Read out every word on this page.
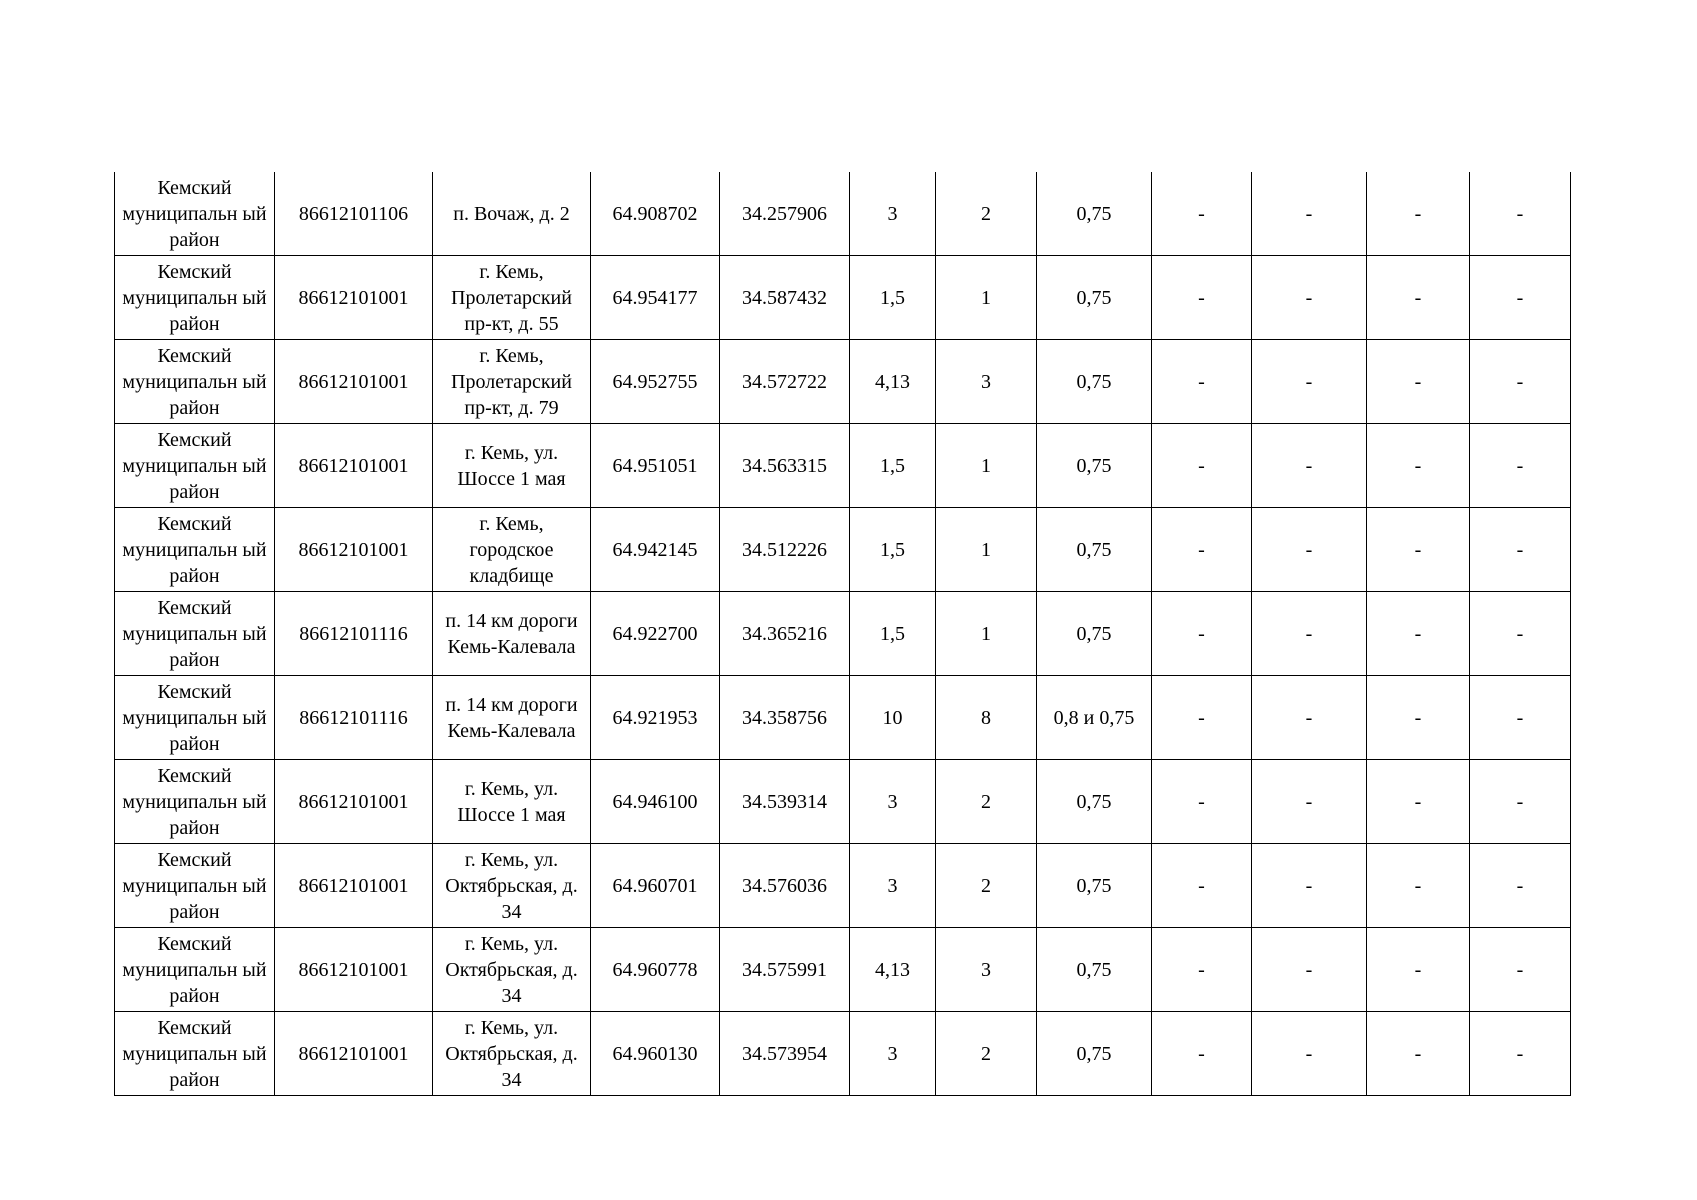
Кемский муниципальн ый район	86612101106	п. Вочаж, д. 2	64.908702	34.257906	3	2	0,75	-	-	-	-
Кемский муниципальн ый район	86612101001	г. Кемь, Пролетарский пр-кт, д. 55	64.954177	34.587432	1,5	1	0,75	-	-	-	-
Кемский муниципальн ый район	86612101001	г. Кемь, Пролетарский пр-кт, д. 79	64.952755	34.572722	4,13	3	0,75	-	-	-	-
Кемский муниципальн ый район	86612101001	г. Кемь, ул. Шоссе 1 мая	64.951051	34.563315	1,5	1	0,75	-	-	-	-
Кемский муниципальн ый район	86612101001	г. Кемь, городское кладбище	64.942145	34.512226	1,5	1	0,75	-	-	-	-
Кемский муниципальн ый район	86612101116	п. 14 км дороги Кемь-Калевала	64.922700	34.365216	1,5	1	0,75	-	-	-	-
Кемский муниципальн ый район	86612101116	п. 14 км дороги Кемь-Калевала	64.921953	34.358756	10	8	0,8 и 0,75	-	-	-	-
Кемский муниципальн ый район	86612101001	г. Кемь, ул. Шоссе 1 мая	64.946100	34.539314	3	2	0,75	-	-	-	-
Кемский муниципальн ый район	86612101001	г. Кемь, ул. Октябрьская, д. 34	64.960701	34.576036	3	2	0,75	-	-	-	-
Кемский муниципальн ый район	86612101001	г. Кемь, ул. Октябрьская, д. 34	64.960778	34.575991	4,13	3	0,75	-	-	-	-
Кемский муниципальн ый район	86612101001	г. Кемь, ул. Октябрьская, д. 34	64.960130	34.573954	3	2	0,75	-	-	-	-
